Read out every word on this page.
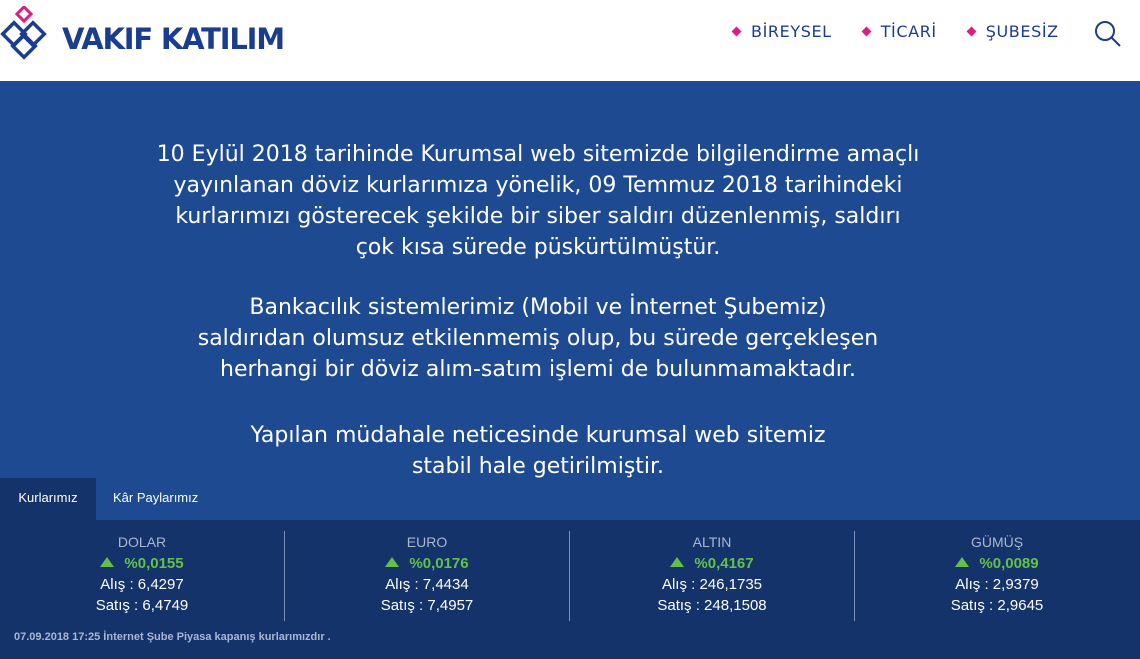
VAKIF KATILIM	BİREYSEL	TİCARİ	ŞUBESİZ
10 Eylül 2018 tarihinde Kurumsal web sitemizde bilgilendirme amaçlı
yayınlanan döviz kurlarımıza yönelik, 09 Temmuz 2018 tarihindeki
kurlarımızı gösterecek şekilde bir siber saldırı düzenlenmiş, saldırı
çok kısa sürede püskürtülmüştür.
Bankacılık sistemlerimiz (Mobil ve İnternet Şubemiz)
saldırıdan olumsuz etkilenmemiş olup, bu sürede gerçekleşen
herhangi bir döviz alım-satım işlemi de bulunmamaktadır.
Yapılan müdahale neticesinde kurumsal web sitemiz
stabil hale getirilmiştir.
Kurlarımız	Kâr Paylarımız
DOLAR
%0,0155
Alış : 6,4297
Satış : 6,4749
EURO
%0,0176
Alış : 7,4434
Satış : 7,4957
ALTIN
%0,4167
Alış : 246,1735
Satış : 248,1508
GÜMÜŞ
%0,0089
Alış : 2,9379
Satış : 2,9645
07.09.2018 17:25 İnternet Şube Piyasa kapanış kurlarımızdır .
